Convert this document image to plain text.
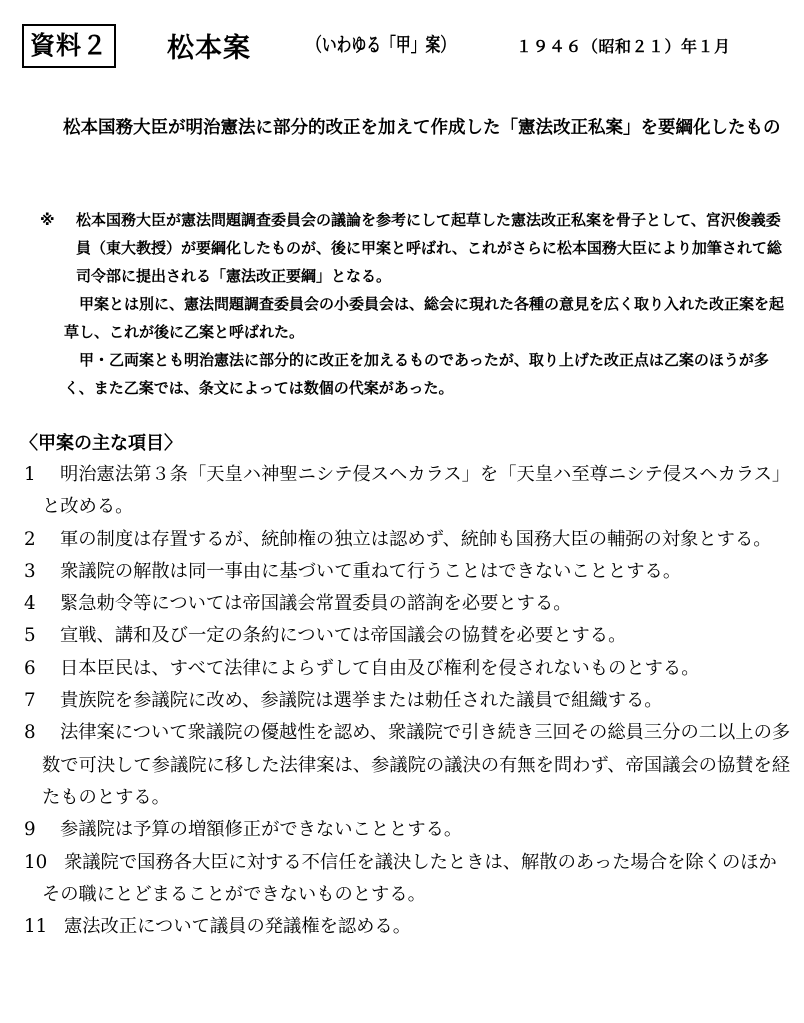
資料２ 松本案	（いわゆる「甲」案）	１９４６（昭和２１）年１月
松本国務大臣が明治憲法に部分的改正を加えて作成した「憲法改正私案」を要綱化したもの
※	松本国務大臣が憲法問題調査委員会の議論を参考にして起草した憲法改正私案を骨子として、宮沢俊義委員（東大教授）が要綱化したものが、後に甲案と呼ばれ、これがさらに松本国務大臣により加筆されて総司令部に提出される「憲法改正要綱」となる。
甲案とは別に、憲法問題調査委員会の小委員会は、総会に現れた各種の意見を広く取り入れた改正案を起草し、これが後に乙案と呼ばれた。
甲・乙両案とも明治憲法に部分的に改正を加えるものであったが、取り上げた改正点は乙案のほうが多く、また乙案では、条文によっては数個の代案があった。
〈甲案の主な項目〉
1 明治憲法第３条「天皇ハ神聖ニシテ侵スヘカラス」を「天皇ハ至尊ニシテ侵スヘカラス」と改める。
2 軍の制度は存置するが、統帥権の独立は認めず、統帥も国務大臣の輔弼の対象とする。
3 衆議院の解散は同一事由に基づいて重ねて行うことはできないこととする。
4 緊急勅令等については帝国議会常置委員の諮詢を必要とする。
5 宣戦、講和及び一定の条約については帝国議会の協賛を必要とする。
6 日本臣民は、すべて法律によらずして自由及び権利を侵されないものとする。
7 貴族院を参議院に改め、参議院は選挙または勅任された議員で組織する。
8 法律案について衆議院の優越性を認め、衆議院で引き続き三回その総員三分の二以上の多数で可決して参議院に移した法律案は、参議院の議決の有無を問わず、帝国議会の協賛を経たものとする。
9 参議院は予算の増額修正ができないこととする。
10 衆議院で国務各大臣に対する不信任を議決したときは、解散のあった場合を除くのほかその職にとどまることができないものとする。
11 憲法改正について議員の発議権を認める。
